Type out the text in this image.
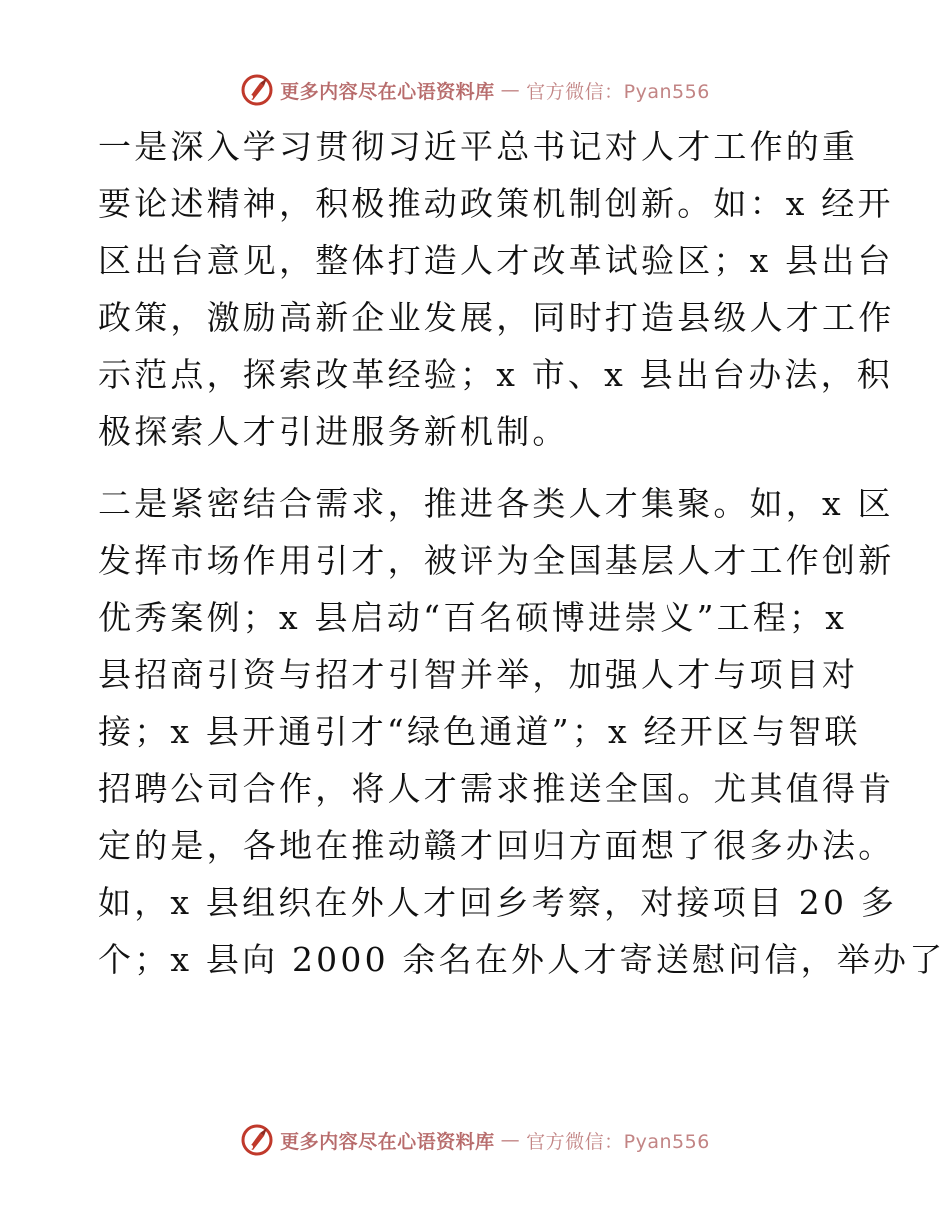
更多内容尽在心语资料库 — 官方微信：Pyan556

一是深入学习贯彻习近平总书记对人才工作的重
要论述精神，积极推动政策机制创新。如：x 经开
区出台意见，整体打造人才改革试验区；x 县出台
政策，激励高新企业发展，同时打造县级人才工作
示范点，探索改革经验；x 市、x 县出台办法，积
极探索人才引进服务新机制。

二是紧密结合需求，推进各类人才集聚。如，x 区
发挥市场作用引才，被评为全国基层人才工作创新
优秀案例；x 县启动“百名硕博进崇义”工程；x
县招商引资与招才引智并举，加强人才与项目对
接；x 县开通引才“绿色通道”；x 经开区与智联
招聘公司合作，将人才需求推送全国。尤其值得肯
定的是，各地在推动赣才回归方面想了很多办法。
如，x 县组织在外人才回乡考察，对接项目 20 多
个；x 县向 2000 余名在外人才寄送慰问信，举办了

更多内容尽在心语资料库 — 官方微信：Pyan556
